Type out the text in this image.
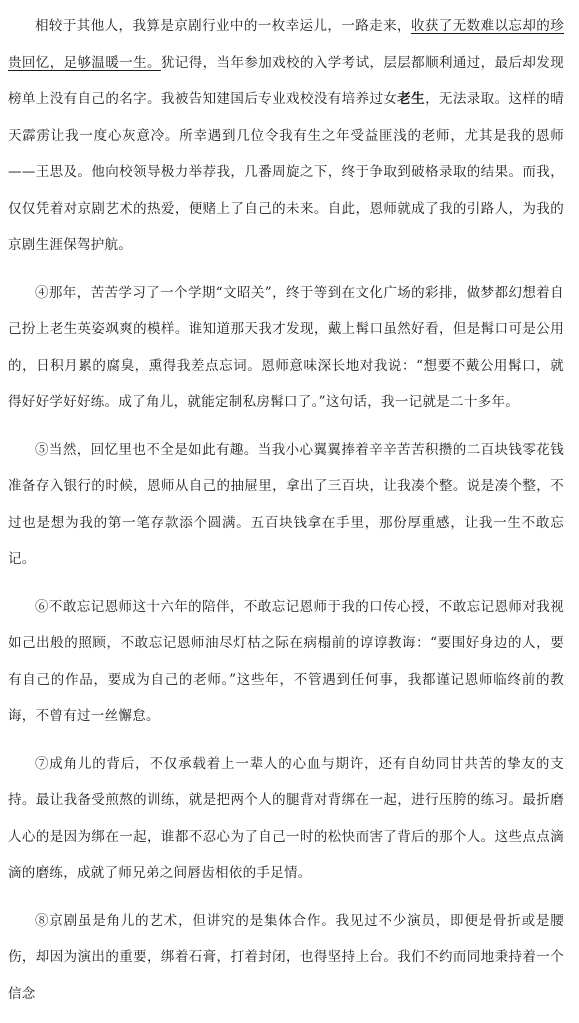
相较于其他人，我算是京剧行业中的一枚幸运儿，一路走来，收获了无数难以忘却的珍贵回忆，足够温暖一生。犹记得，当年参加戏校的入学考试，层层都顺利通过，最后却发现榜单上没有自己的名字。我被告知建国后专业戏校没有培养过女老生，无法录取。这样的晴天霹雳让我一度心灰意冷。所幸遇到几位令我有生之年受益匪浅的老师，尤其是我的恩师——王思及。他向校领导极力举荐我，几番周旋之下，终于争取到破格录取的结果。而我，仅仅凭着对京剧艺术的热爱，便赌上了自己的未来。自此，恩师就成了我的引路人，为我的京剧生涯保驾护航。

④那年，苦苦学习了一个学期“文昭关”，终于等到在文化广场的彩排，做梦都幻想着自己扮上老生英姿飒爽的模样。谁知道那天我才发现，戴上髯口虽然好看，但是髯口可是公用的，日积月累的腐臭，熏得我差点忘词。恩师意味深长地对我说：“想要不戴公用髯口，就得好好学好好练。成了角儿，就能定制私房髯口了。”这句话，我一记就是二十多年。

⑤当然，回忆里也不全是如此有趣。当我小心翼翼捧着辛辛苦苦积攒的二百块钱零花钱准备存入银行的时候，恩师从自己的抽屉里，拿出了三百块，让我凑个整。说是凑个整，不过也是想为我的第一笔存款添个圆满。五百块钱拿在手里，那份厚重感，让我一生不敢忘记。

⑥不敢忘记恩师这十六年的陪伴，不敢忘记恩师于我的口传心授，不敢忘记恩师对我视如己出般的照顾，不敢忘记恩师油尽灯枯之际在病榻前的谆谆教诲：“要围好身边的人，要有自己的作品，要成为自己的老师。”这些年，不管遇到任何事，我都谨记恩师临终前的教诲，不曾有过一丝懈怠。

⑦成角儿的背后，不仅承载着上一辈人的心血与期许，还有自幼同甘共苦的挚友的支持。最让我备受煎熬的训练，就是把两个人的腿背对背绑在一起，进行压胯的练习。最折磨人心的是因为绑在一起，谁都不忍心为了自己一时的松快而害了背后的那个人。这些点点滴滴的磨练，成就了师兄弟之间唇齿相依的手足情。

⑧京剧虽是角儿的艺术，但讲究的是集体合作。我见过不少演员，即便是骨折或是腰伤，却因为演出的重要，绑着石膏，打着封闭，也得坚持上台。我们不约而同地秉持着一个信念
